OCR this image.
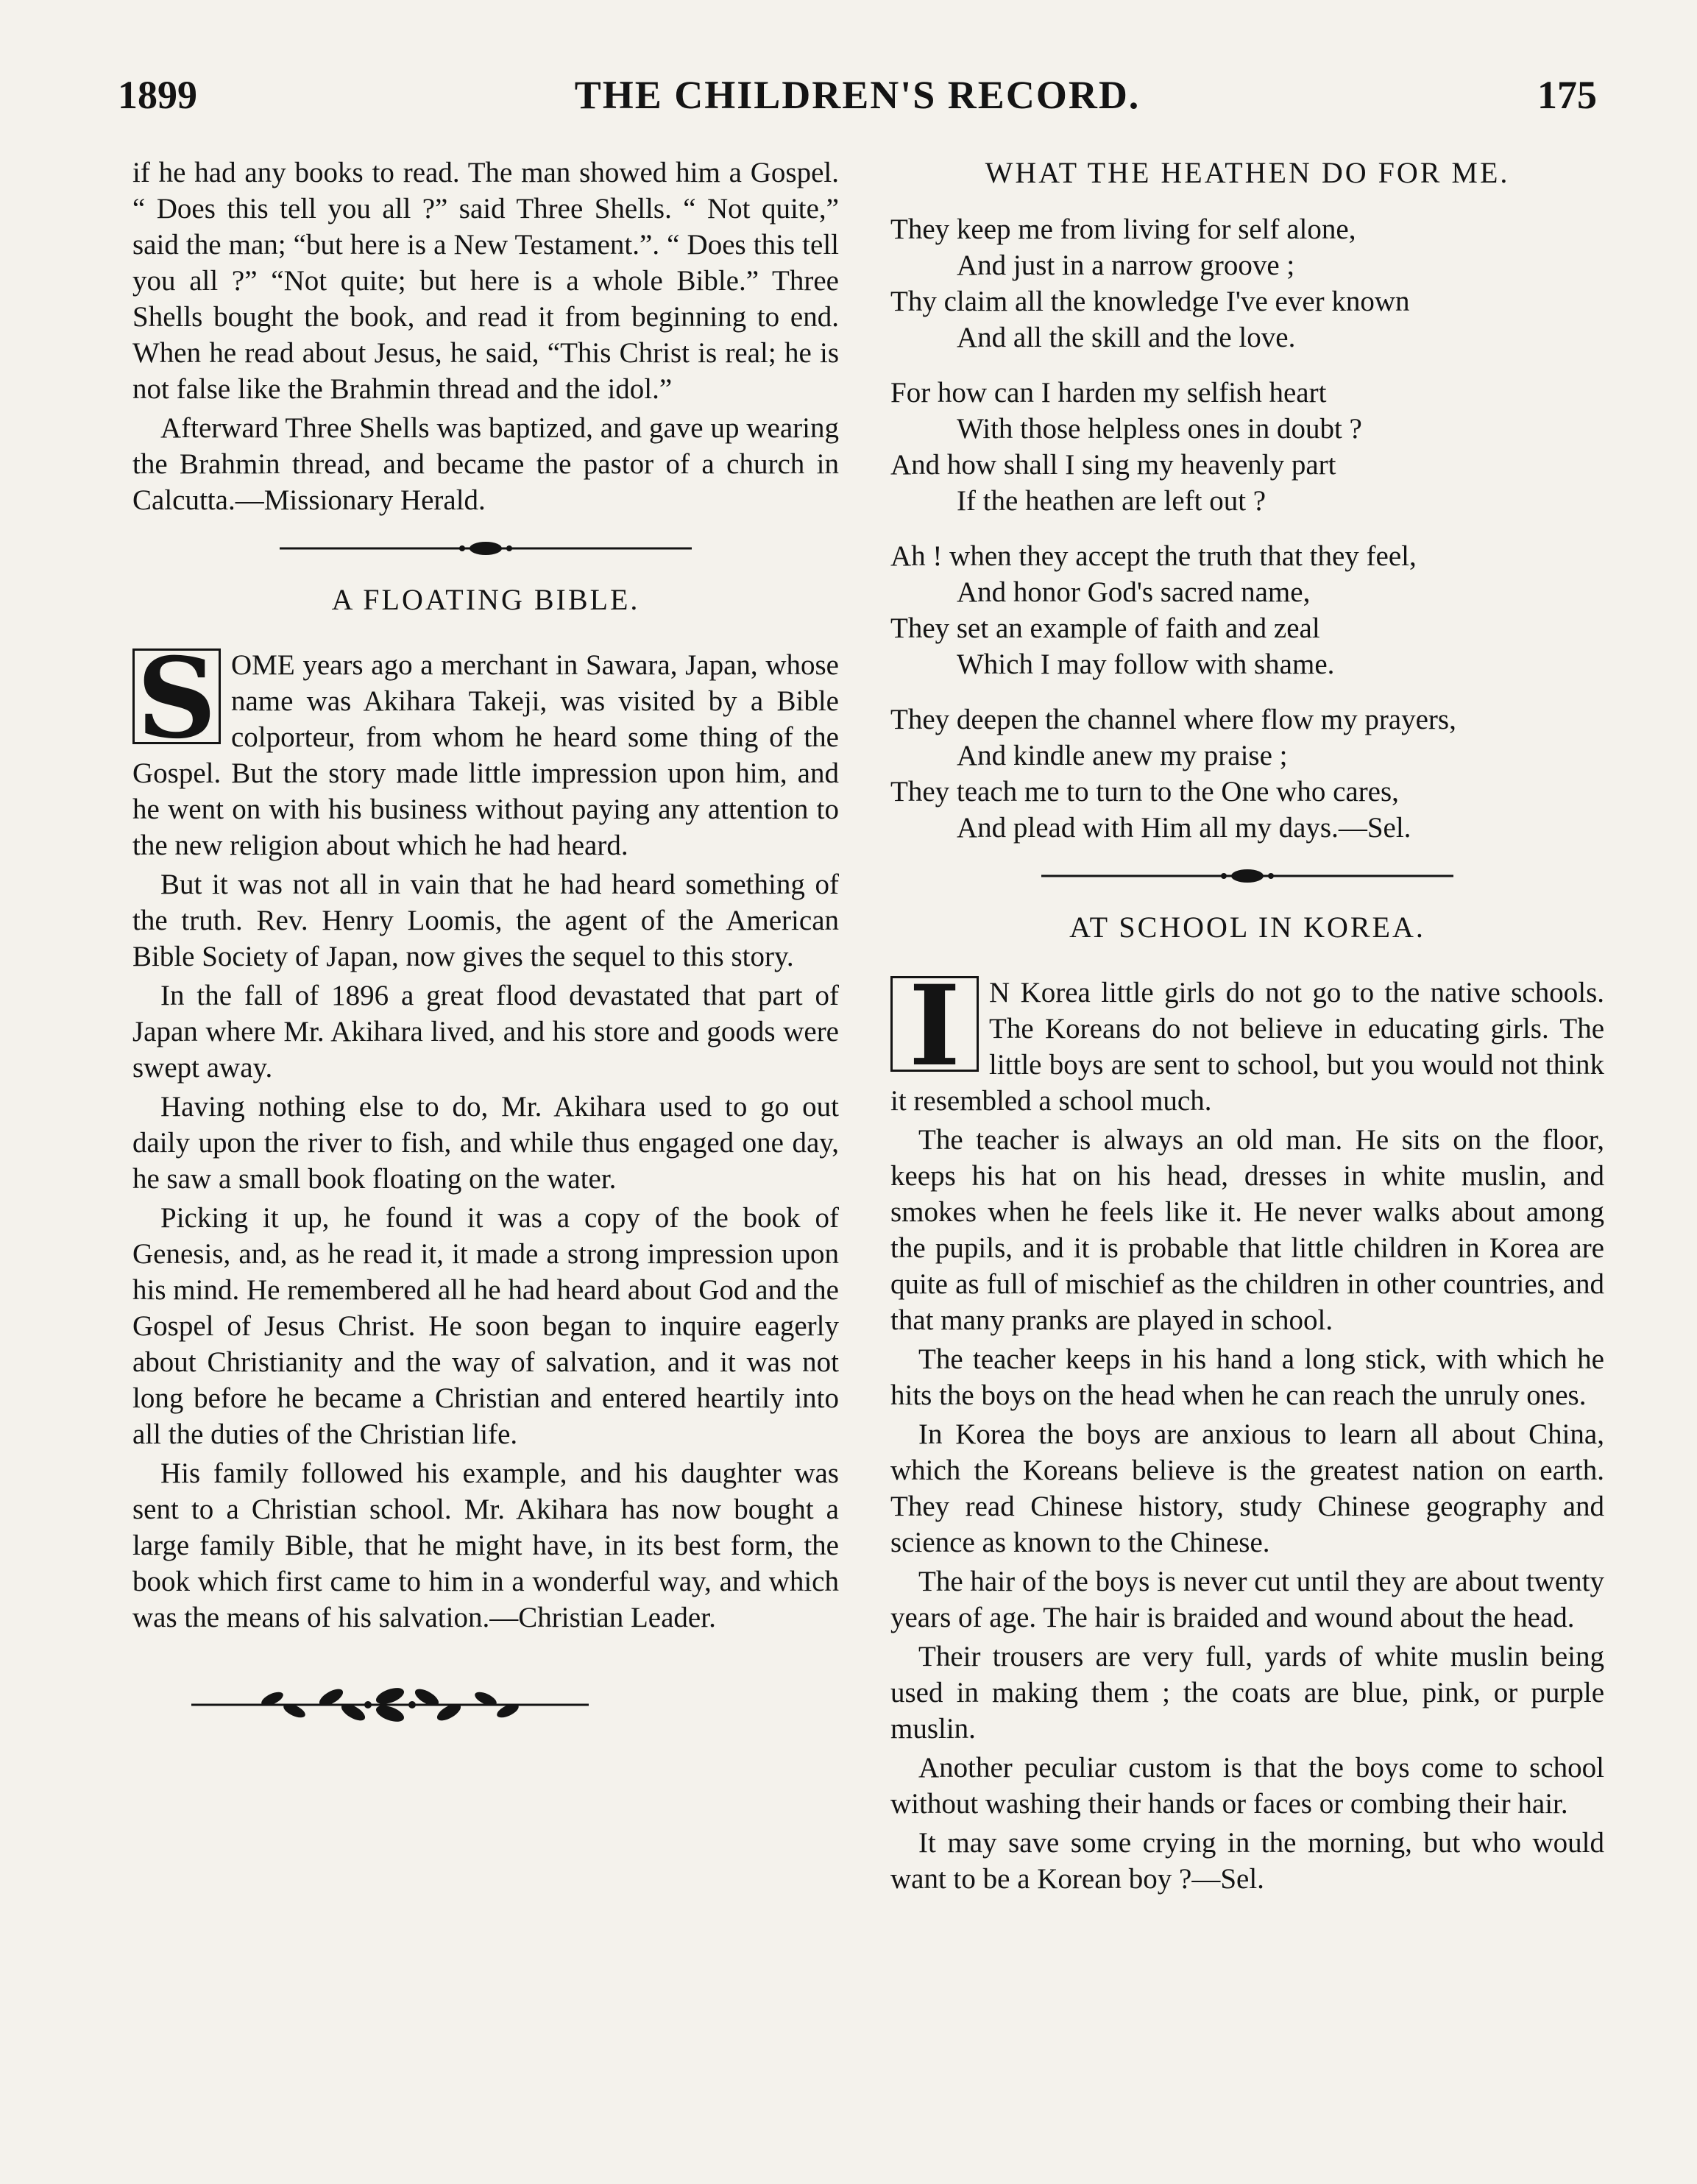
1899	THE CHILDREN'S RECORD.	175

if he had any books to read. The man showed him a Gospel. “ Does this tell you all ?” said Three Shells. “ Not quite,” said the man; “but here is a New Testament.”. “ Does this tell you all ?” “Not quite; but here is a whole Bible.” Three Shells bought the book, and read it from beginning to end. When he read about Jesus, he said, “This Christ is real; he is not false like the Brahmin thread and the idol.”

Afterward Three Shells was baptized, and gave up wearing the Brahmin thread, and became the pastor of a church in Calcutta.—Missionary Herald.

A FLOATING BIBLE.

S OME years ago a merchant in Sawara, Japan, whose name was Akihara Takeji, was visited by a Bible colporteur, from whom he heard some thing of the Gospel. But the story made little impression upon him, and he went on with his business without paying any attention to the new religion about which he had heard.

But it was not all in vain that he had heard something of the truth. Rev. Henry Loomis, the agent of the American Bible Society of Japan, now gives the sequel to this story.

In the fall of 1896 a great flood devastated that part of Japan where Mr. Akihara lived, and his store and goods were swept away.

Having nothing else to do, Mr. Akihara used to go out daily upon the river to fish, and while thus engaged one day, he saw a small book floating on the water.

Picking it up, he found it was a copy of the book of Genesis, and, as he read it, it made a strong impression upon his mind. He remembered all he had heard about God and the Gospel of Jesus Christ. He soon began to inquire eagerly about Christianity and the way of salvation, and it was not long before he became a Christian and entered heartily into all the duties of the Christian life.

His family followed his example, and his daughter was sent to a Christian school. Mr. Akihara has now bought a large family Bible, that he might have, in its best form, the book which first came to him in a wonderful way, and which was the means of his salvation.—Christian Leader.

WHAT THE HEATHEN DO FOR ME.

They keep me from living for self alone,
And just in a narrow groove ;
Thy claim all the knowledge I've ever known
And all the skill and the love.
For how can I harden my selfish heart
With those helpless ones in doubt ?
And how shall I sing my heavenly part
If the heathen are left out ?
Ah ! when they accept the truth that they feel,
And honor God's sacred name,
They set an example of faith and zeal
Which I may follow with shame.
They deepen the channel where flow my prayers,
And kindle anew my praise ;
They teach me to turn to the One who cares,
And plead with Him all my days.—Sel.

AT SCHOOL IN KOREA.

I N Korea little girls do not go to the native schools. The Koreans do not believe in educating girls. The little boys are sent to school, but you would not think it resembled a school much.

The teacher is always an old man. He sits on the floor, keeps his hat on his head, dresses in white muslin, and smokes when he feels like it. He never walks about among the pupils, and it is probable that little children in Korea are quite as full of mischief as the children in other countries, and that many pranks are played in school.

The teacher keeps in his hand a long stick, with which he hits the boys on the head when he can reach the unruly ones.

In Korea the boys are anxious to learn all about China, which the Koreans believe is the greatest nation on earth. They read Chinese history, study Chinese geography and science as known to the Chinese.

The hair of the boys is never cut until they are about twenty years of age. The hair is braided and wound about the head.

Their trousers are very full, yards of white muslin being used in making them ; the coats are blue, pink, or purple muslin.

Another peculiar custom is that the boys come to school without washing their hands or faces or combing their hair.

It may save some crying in the morning, but who would want to be a Korean boy ?—Sel.
